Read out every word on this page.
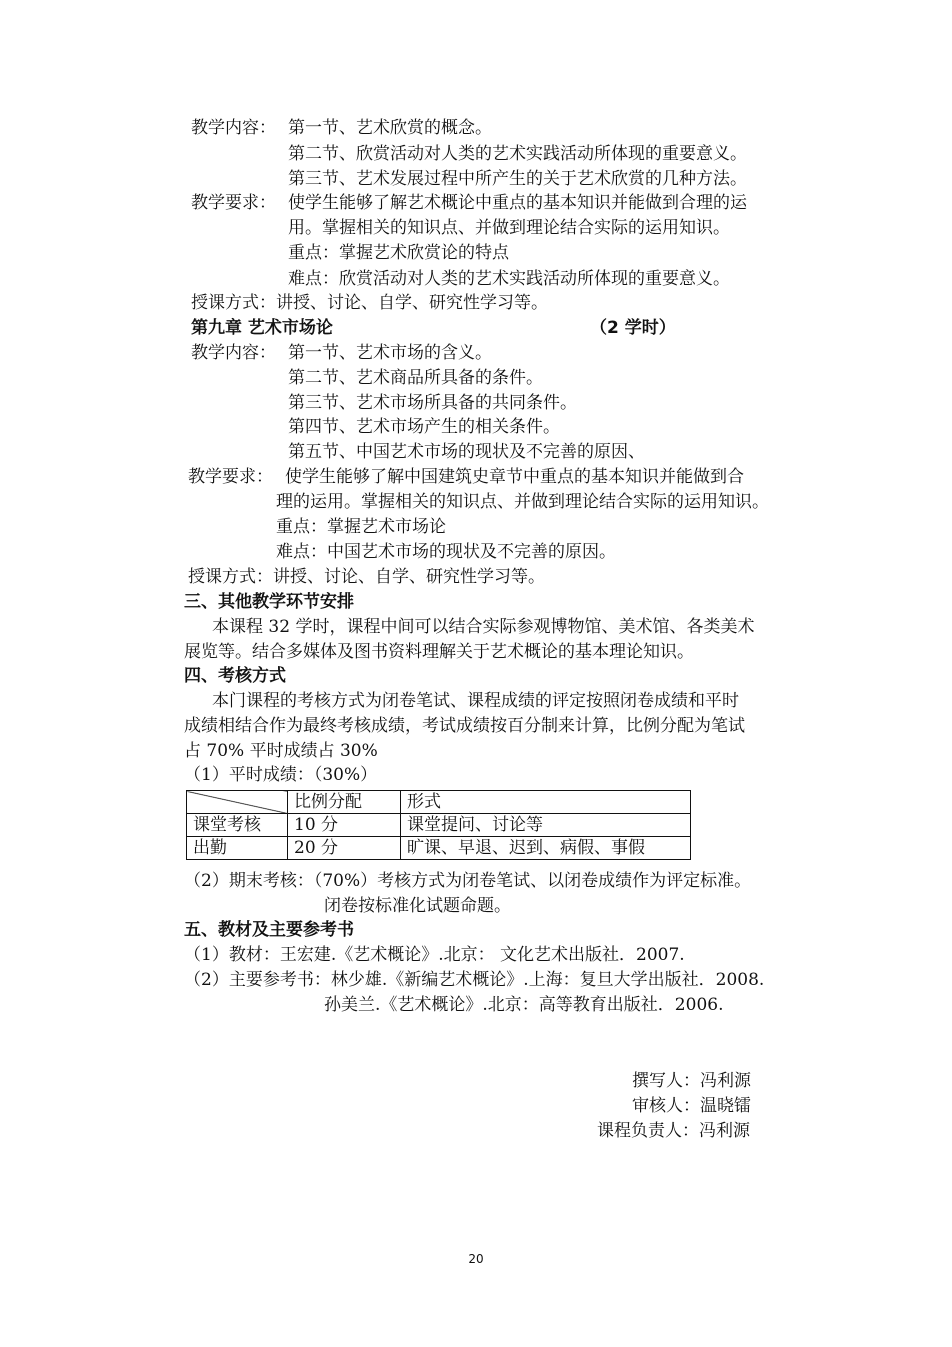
教学内容： 第一节、艺术欣赏的概念。
第二节、欣赏活动对人类的艺术实践活动所体现的重要意义。
第三节、艺术发展过程中所产生的关于艺术欣赏的几种方法。
教学要求： 使学生能够了解艺术概论中重点的基本知识并能做到合理的运
用。掌握相关的知识点、并做到理论结合实际的运用知识。
重点：掌握艺术欣赏论的特点
难点：欣赏活动对人类的艺术实践活动所体现的重要意义。
授课方式：讲授、讨论、自学、研究性学习等。
第九章 艺术市场论	（2 学时）
教学内容： 第一节、艺术市场的含义。
第二节、艺术商品所具备的条件。
第三节、艺术市场所具备的共同条件。
第四节、艺术市场产生的相关条件。
第五节、中国艺术市场的现状及不完善的原因、
教学要求： 使学生能够了解中国建筑史章节中重点的基本知识并能做到合
理的运用。掌握相关的知识点、并做到理论结合实际的运用知识。
重点：掌握艺术市场论
难点：中国艺术市场的现状及不完善的原因。
授课方式：讲授、讨论、自学、研究性学习等。
三、其他教学环节安排
本课程 32 学时，课程中间可以结合实际参观博物馆、美术馆、各类美术
展览等。结合多媒体及图书资料理解关于艺术概论的基本理论知识。
四、考核方式
本门课程的考核方式为闭卷笔试、课程成绩的评定按照闭卷成绩和平时
成绩相结合作为最终考核成绩，考试成绩按百分制来计算，比例分配为笔试
占 70% 平时成绩占 30%
（1）平时成绩：（30%）
	比例分配	形式
课堂考核	10 分	课堂提问、讨论等
出勤	20 分	旷课、早退、迟到、病假、事假
（2）期末考核：（70%）考核方式为闭卷笔试、以闭卷成绩作为评定标准。
闭卷按标准化试题命题。
五、教材及主要参考书
（1）教材：王宏建.《艺术概论》.北京： 文化艺术出版社．2007.
（2）主要参考书：林少雄.《新编艺术概论》.上海：复旦大学出版社．2008.
孙美兰.《艺术概论》.北京：高等教育出版社．2006.
撰写人：冯利源
审核人：温晓镭
课程负责人：冯利源
20
